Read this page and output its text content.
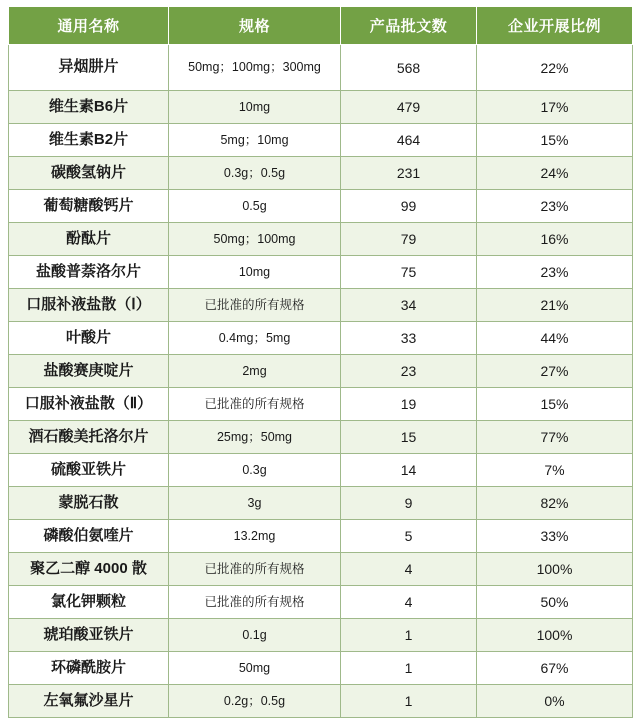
通用名称	规格	产品批文数	企业开展比例
异烟肼片	50mg；100mg；300mg	568	22%
维生素B6片	10mg	479	17%
维生素B2片	5mg；10mg	464	15%
碳酸氢钠片	0.3g；0.5g	231	24%
葡萄糖酸钙片	0.5g	99	23%
酚酞片	50mg；100mg	79	16%
盐酸普萘洛尔片	10mg	75	23%
口服补液盐散（Ⅰ）	已批准的所有规格	34	21%
叶酸片	0.4mg；5mg	33	44%
盐酸赛庚啶片	2mg	23	27%
口服补液盐散（Ⅱ）	已批准的所有规格	19	15%
酒石酸美托洛尔片	25mg；50mg	15	77%
硫酸亚铁片	0.3g	14	7%
蒙脱石散	3g	9	82%
磷酸伯氨喹片	13.2mg	5	33%
聚乙二醇 4000 散	已批准的所有规格	4	100%
氯化钾颗粒	已批准的所有规格	4	50%
琥珀酸亚铁片	0.1g	1	100%
环磷酰胺片	50mg	1	67%
左氧氟沙星片	0.2g；0.5g	1	0%
